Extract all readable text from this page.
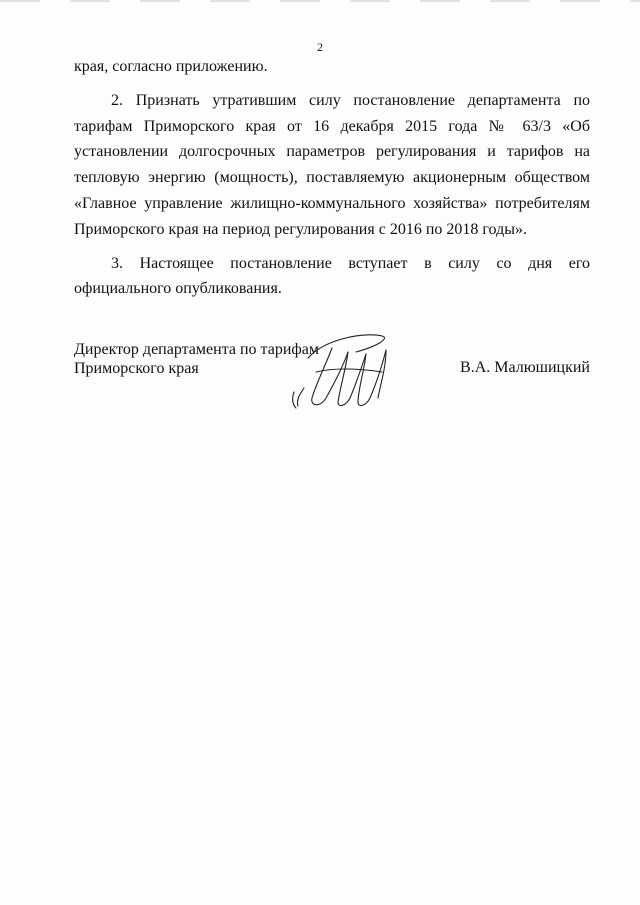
2

края, согласно приложению.

2. Признать утратившим силу постановление департамента по тарифам Приморского края от 16 декабря 2015 года № 63/3 «Об установлении долгосрочных параметров регулирования и тарифов на тепловую энергию (мощность), поставляемую акционерным обществом «Главное управление жилищно-коммунального хозяйства» потребителям Приморского края на период регулирования с 2016 по 2018 годы».

3. Настоящее постановление вступает в силу со дня его официального опубликования.

Директор департамента по тарифам
Приморского края	В.А. Малюшицкий
